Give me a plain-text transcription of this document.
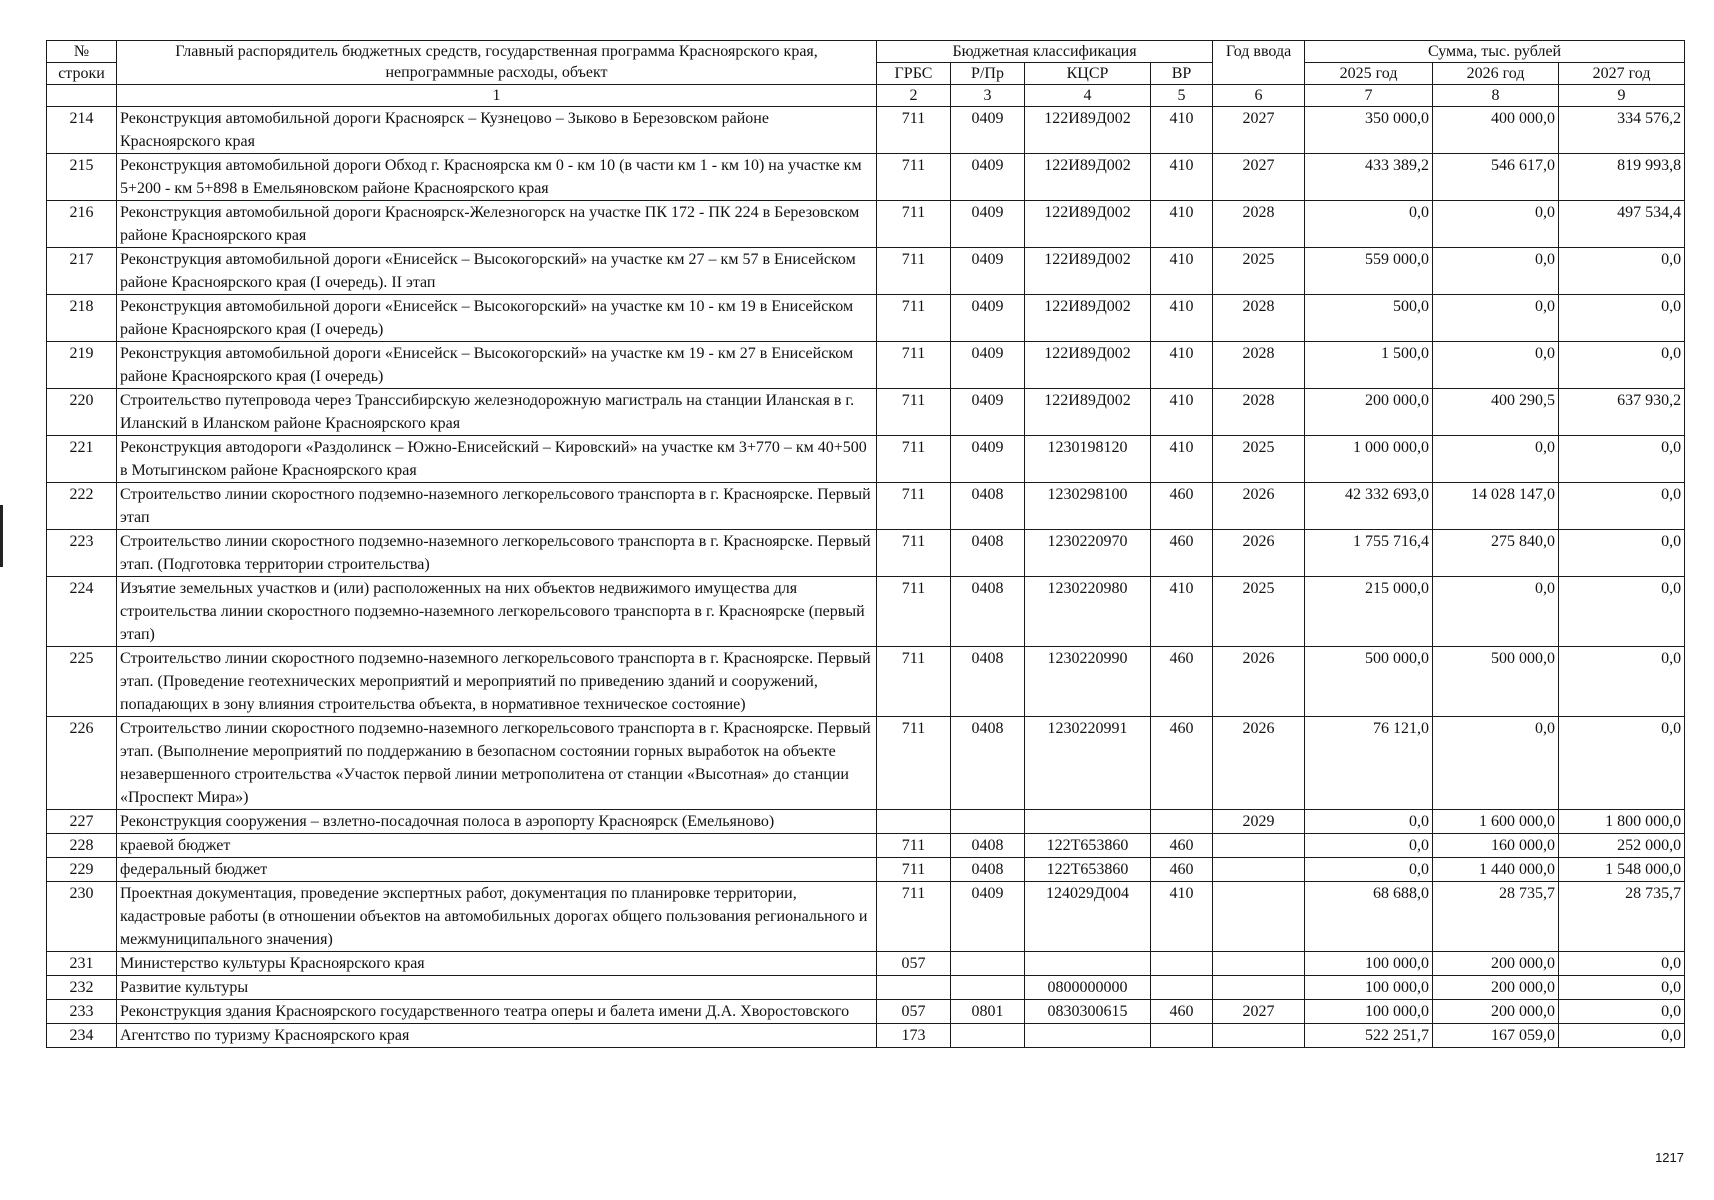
№	Главный распорядитель бюджетных средств, государственная программа Красноярского края, непрограммные расходы, объект	Бюджетная классификация				Год ввода	Сумма, тыс. рублей		
строки		ГРБС	Р/Пр	КЦСР	ВР		2025 год	2026 год	2027 год
	1	2	3	4	5	6	7	8	9
214	Реконструкция автомобильной дороги Красноярск – Кузнецово – Зыково в Березовском районе Красноярского края	711	0409	122И89Д002	410	2027	350 000,0	400 000,0	334 576,2
215	Реконструкция автомобильной дороги Обход г. Красноярска км 0 - км 10 (в части км 1 - км 10) на участке км 5+200 - км 5+898 в Емельяновском районе Красноярского края	711	0409	122И89Д002	410	2027	433 389,2	546 617,0	819 993,8
216	Реконструкция автомобильной дороги Красноярск-Железногорск на участке ПК 172 - ПК 224 в Березовском районе Красноярского края	711	0409	122И89Д002	410	2028	0,0	0,0	497 534,4
217	Реконструкция автомобильной дороги «Енисейск – Высокогорский» на участке км 27 – км 57 в Енисейском районе Красноярского края (I очередь). II этап	711	0409	122И89Д002	410	2025	559 000,0	0,0	0,0
218	Реконструкция автомобильной дороги «Енисейск – Высокогорский» на участке км 10 - км 19 в Енисейском районе Красноярского края (I очередь)	711	0409	122И89Д002	410	2028	500,0	0,0	0,0
219	Реконструкция автомобильной дороги «Енисейск – Высокогорский» на участке км 19 - км 27 в Енисейском районе Красноярского края (I очередь)	711	0409	122И89Д002	410	2028	1 500,0	0,0	0,0
220	Строительство путепровода через Транссибирскую железнодорожную магистраль на станции Иланская в г. Иланский в Иланском районе Красноярского края	711	0409	122И89Д002	410	2028	200 000,0	400 290,5	637 930,2
221	Реконструкция автодороги «Раздолинск – Южно-Енисейский – Кировский» на участке км 3+770 – км 40+500 в Мотыгинском районе Красноярского края	711	0409	1230198120	410	2025	1 000 000,0	0,0	0,0
222	Строительство линии скоростного подземно-наземного легкорельсового транспорта в г. Красноярске. Первый этап	711	0408	1230298100	460	2026	42 332 693,0	14 028 147,0	0,0
223	Строительство линии скоростного подземно-наземного легкорельсового транспорта в г. Красноярске. Первый этап. (Подготовка территории строительства)	711	0408	1230220970	460	2026	1 755 716,4	275 840,0	0,0
224	Изъятие земельных участков и (или) расположенных на них объектов недвижимого имущества для строительства линии скоростного подземно-наземного легкорельсового транспорта в г. Красноярске (первый этап)	711	0408	1230220980	410	2025	215 000,0	0,0	0,0
225	Строительство линии скоростного подземно-наземного легкорельсового транспорта в г. Красноярске. Первый этап. (Проведение геотехнических мероприятий и мероприятий по приведению зданий и сооружений, попадающих в зону влияния строительства объекта, в нормативное техническое состояние)	711	0408	1230220990	460	2026	500 000,0	500 000,0	0,0
226	Строительство линии скоростного подземно-наземного легкорельсового транспорта в г. Красноярске. Первый этап. (Выполнение мероприятий по поддержанию в безопасном состоянии горных выработок на объекте незавершенного строительства «Участок первой линии метрополитена от станции «Высотная» до станции «Проспект Мира»)	711	0408	1230220991	460	2026	76 121,0	0,0	0,0
227	Реконструкция сооружения – взлетно-посадочная полоса в аэропорту Красноярск (Емельяново)					2029	0,0	1 600 000,0	1 800 000,0
228	краевой бюджет	711	0408	122Т653860	460		0,0	160 000,0	252 000,0
229	федеральный бюджет	711	0408	122Т653860	460		0,0	1 440 000,0	1 548 000,0
230	Проектная документация, проведение экспертных работ, документация по планировке территории, кадастровые работы (в отношении объектов на автомобильных дорогах общего пользования регионального и межмуниципального значения)	711	0409	124029Д004	410		68 688,0	28 735,7	28 735,7
231	Министерство культуры Красноярского края	057					100 000,0	200 000,0	0,0
232	Развитие культуры			0800000000			100 000,0	200 000,0	0,0
233	Реконструкция здания Красноярского государственного театра оперы и балета имени Д.А. Хворостовского	057	0801	0830300615	460	2027	100 000,0	200 000,0	0,0
234	Агентство по туризму Красноярского края	173					522 251,7	167 059,0	0,0
1217
